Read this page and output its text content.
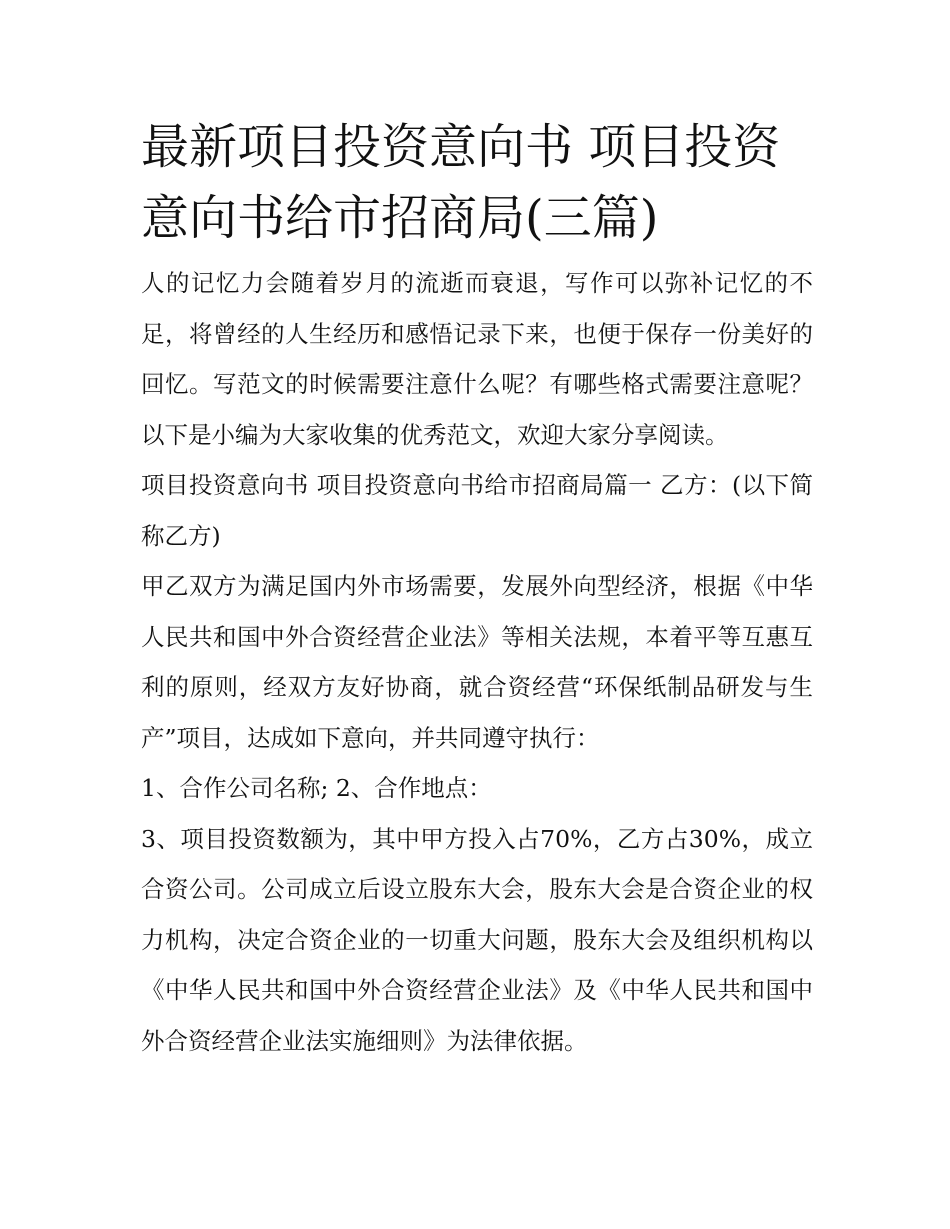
最新项目投资意向书 项目投资意向书给市招商局(三篇)

人的记忆力会随着岁月的流逝而衰退，写作可以弥补记忆的不足，将曾经的人生经历和感悟记录下来，也便于保存一份美好的回忆。写范文的时候需要注意什么呢？有哪些格式需要注意呢？以下是小编为大家收集的优秀范文，欢迎大家分享阅读。

项目投资意向书 项目投资意向书给市招商局篇一 乙方：(以下简称乙方)

甲乙双方为满足国内外市场需要，发展外向型经济，根据《中华人民共和国中外合资经营企业法》等相关法规，本着平等互惠互利的原则，经双方友好协商，就合资经营“环保纸制品研发与生产”项目，达成如下意向，并共同遵守执行：

1、合作公司名称; 2、合作地点：

3、项目投资数额为，其中甲方投入占70%，乙方占30%，成立合资公司。公司成立后设立股东大会，股东大会是合资企业的权力机构，决定合资企业的一切重大问题，股东大会及组织机构以《中华人民共和国中外合资经营企业法》及《中华人民共和国中外合资经营企业法实施细则》为法律依据。
